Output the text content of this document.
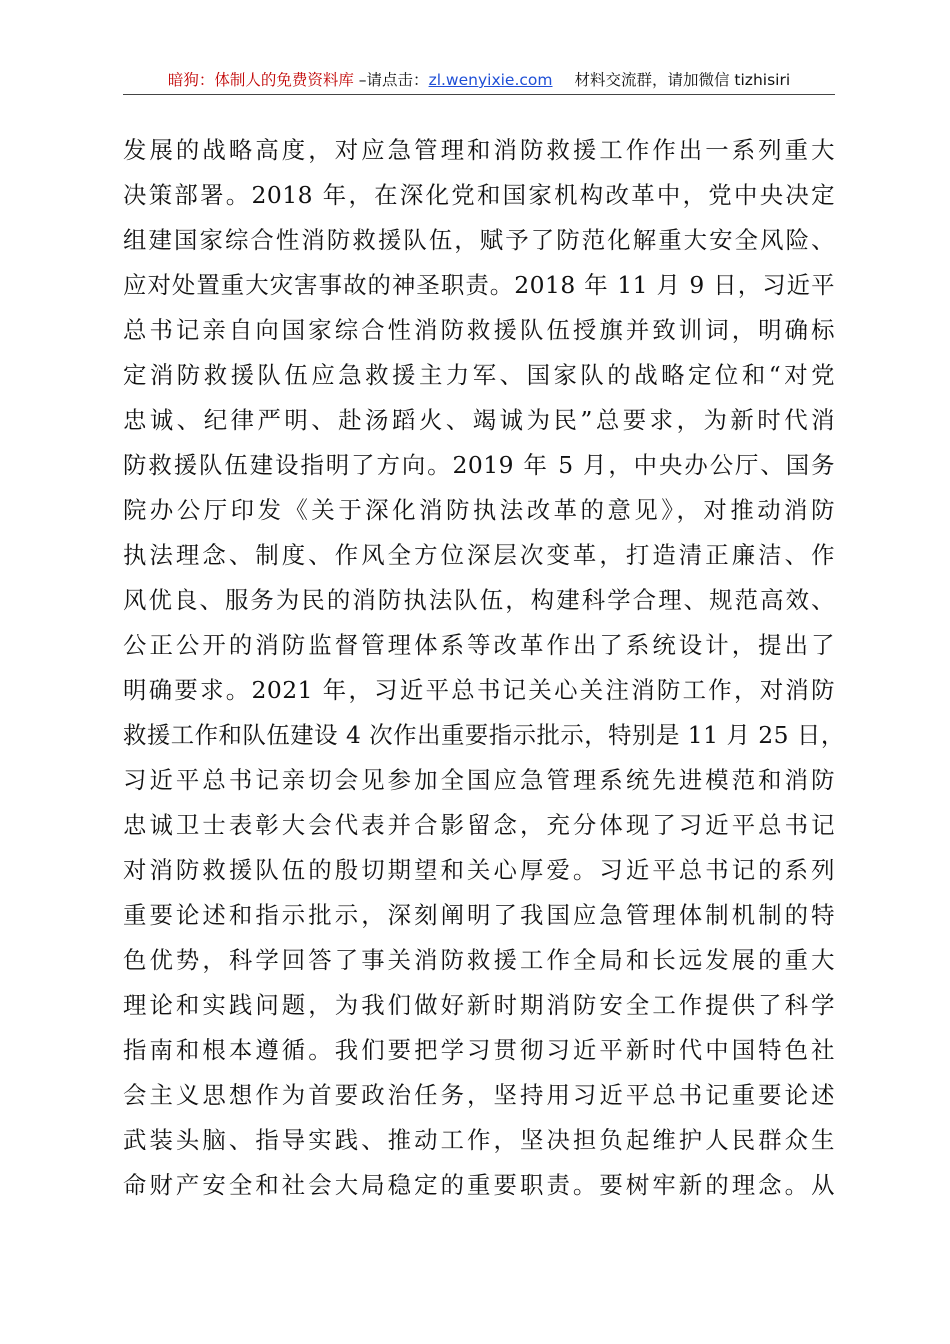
暗狗：体制人的免费资料库 –请点击：zl.wenyixie.com 材料交流群，请加微信 tizhisiri
发展的战略高度，对应急管理和消防救援工作作出一系列重大
决策部署。2018 年，在深化党和国家机构改革中，党中央决定
组建国家综合性消防救援队伍，赋予了防范化解重大安全风险、
应对处置重大灾害事故的神圣职责。2018 年 11 月 9 日，习近平
总书记亲自向国家综合性消防救援队伍授旗并致训词，明确标
定消防救援队伍应急救援主力军、国家队的战略定位和“对党
忠诚、纪律严明、赴汤蹈火、竭诚为民”总要求，为新时代消
防救援队伍建设指明了方向。2019 年 5 月，中央办公厅、国务
院办公厅印发《关于深化消防执法改革的意见》，对推动消防
执法理念、制度、作风全方位深层次变革，打造清正廉洁、作
风优良、服务为民的消防执法队伍，构建科学合理、规范高效、
公正公开的消防监督管理体系等改革作出了系统设计，提出了
明确要求。2021 年，习近平总书记关心关注消防工作，对消防
救援工作和队伍建设 4 次作出重要指示批示，特别是 11 月 25 日，
习近平总书记亲切会见参加全国应急管理系统先进模范和消防
忠诚卫士表彰大会代表并合影留念，充分体现了习近平总书记
对消防救援队伍的殷切期望和关心厚爱。习近平总书记的系列
重要论述和指示批示，深刻阐明了我国应急管理体制机制的特
色优势，科学回答了事关消防救援工作全局和长远发展的重大
理论和实践问题，为我们做好新时期消防安全工作提供了科学
指南和根本遵循。我们要把学习贯彻习近平新时代中国特色社
会主义思想作为首要政治任务，坚持用习近平总书记重要论述
武装头脑、指导实践、推动工作，坚决担负起维护人民群众生
命财产安全和社会大局稳定的重要职责。要树牢新的理念。从
